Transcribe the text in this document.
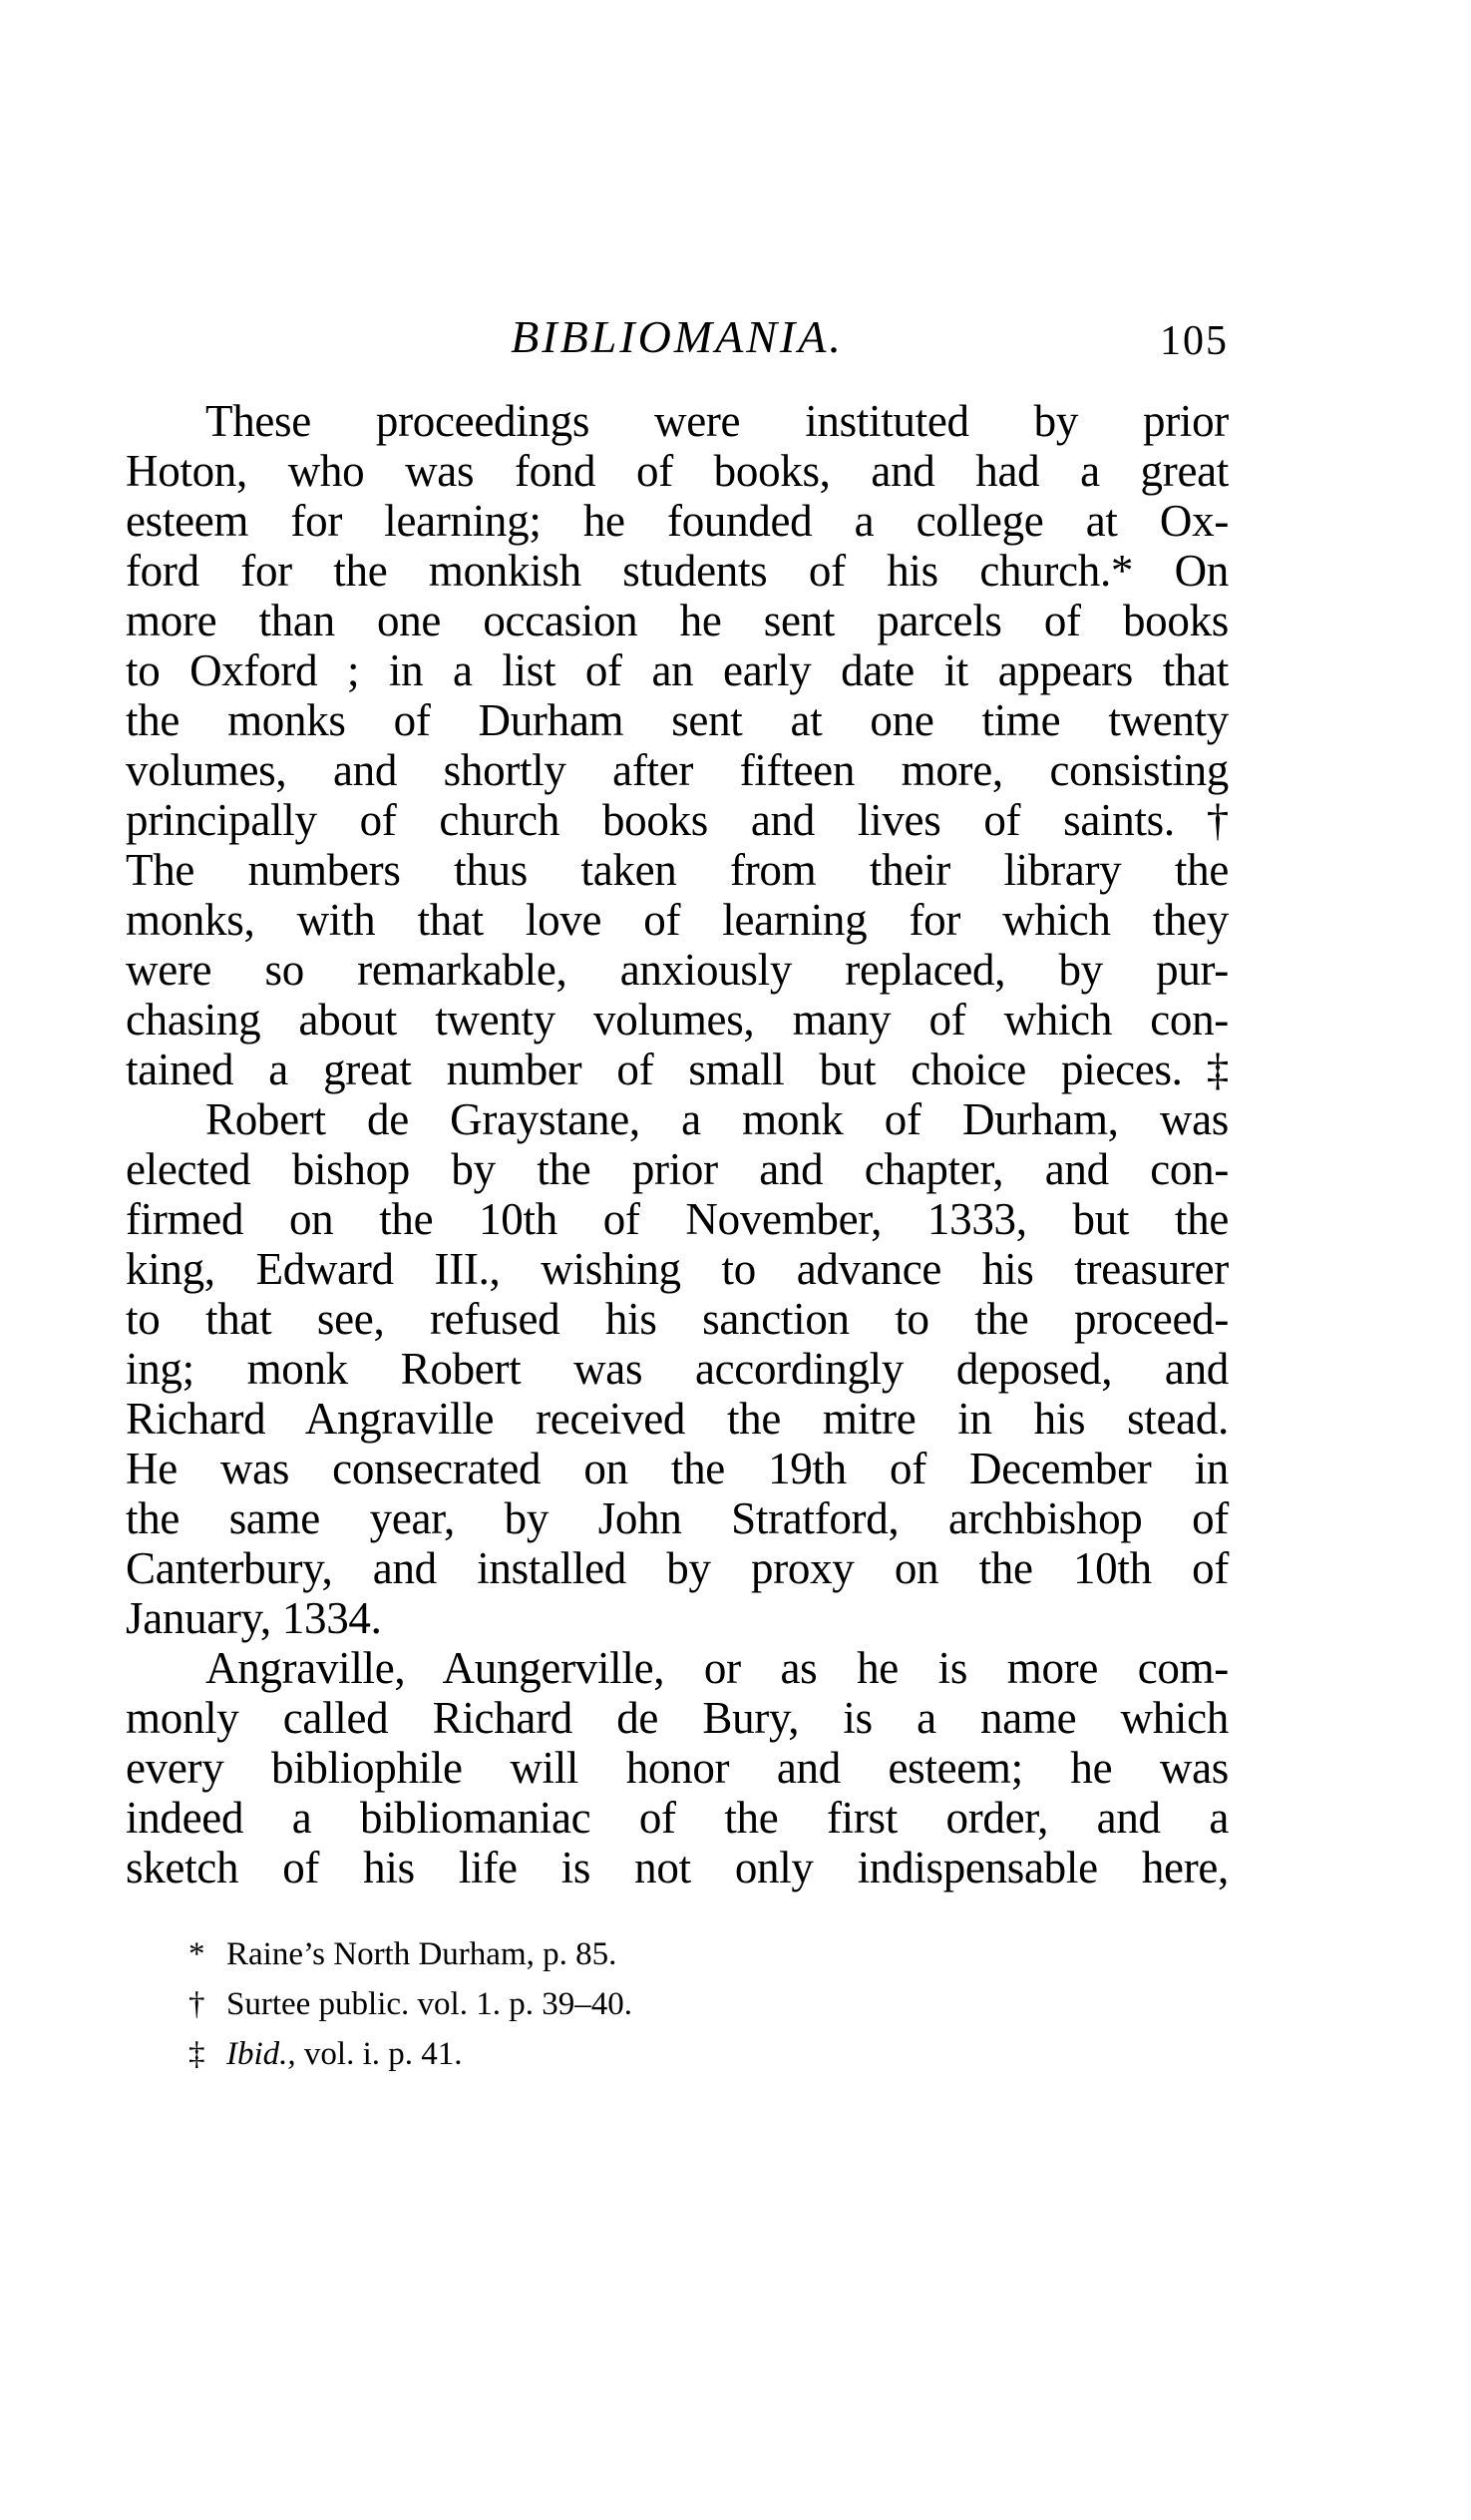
BIBLIOMANIA.	105
These proceedings were instituted by prior
Hoton, who was fond of books, and had a great
esteem for learning; he founded a college at Ox-
ford for the monkish students of his church.* On
more than one occasion he sent parcels of books
to Oxford ; in a list of an early date it appears that
the monks of Durham sent at one time twenty
volumes, and shortly after fifteen more, consisting
principally of church books and lives of saints.†
The numbers thus taken from their library the
monks, with that love of learning for which they
were so remarkable, anxiously replaced, by pur-
chasing about twenty volumes, many of which con-
tained a great number of small but choice pieces.‡
Robert de Graystane, a monk of Durham, was
elected bishop by the prior and chapter, and con-
firmed on the 10th of November, 1333, but the
king, Edward III., wishing to advance his treasurer
to that see, refused his sanction to the proceed-
ing; monk Robert was accordingly deposed, and
Richard Angraville received the mitre in his stead.
He was consecrated on the 19th of December in
the same year, by John Stratford, archbishop of
Canterbury, and installed by proxy on the 10th of
January, 1334.
Angraville, Aungerville, or as he is more com-
monly called Richard de Bury, is a name which
every bibliophile will honor and esteem; he was
indeed a bibliomaniac of the first order, and a
sketch of his life is not only indispensable here,
* Raine’s North Durham, p. 85.
† Surtee public. vol. 1. p. 39–40.
‡ Ibid., vol. i. p. 41.
